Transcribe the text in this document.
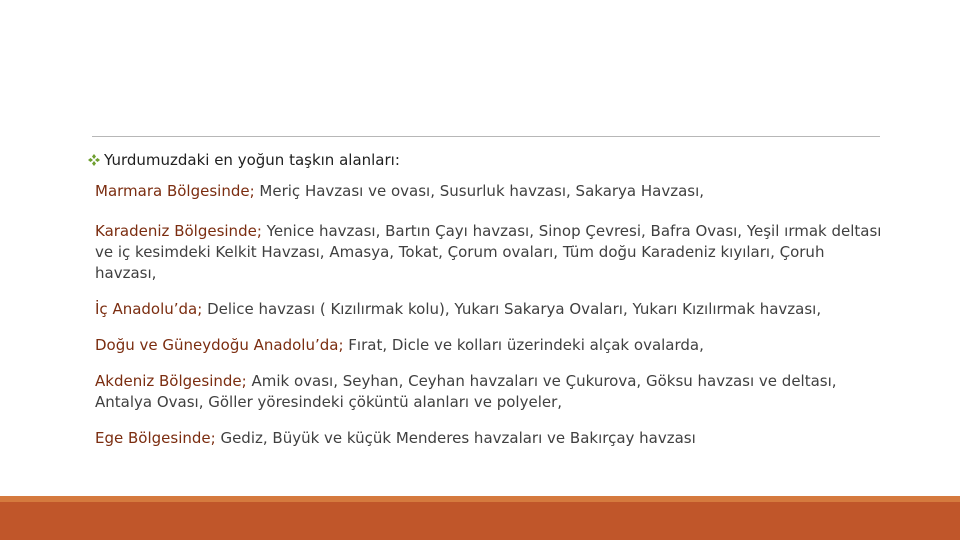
Yurdumuzdaki en yoğun taşkın alanları:
Marmara Bölgesinde; Meriç Havzası ve ovası, Susurluk havzası, Sakarya Havzası,
Karadeniz Bölgesinde; Yenice havzası, Bartın Çayı havzası, Sinop Çevresi, Bafra Ovası, Yeşil ırmak deltası ve iç kesimdeki Kelkit Havzası, Amasya, Tokat, Çorum ovaları, Tüm doğu Karadeniz kıyıları, Çoruh havzası,
İç Anadolu’da; Delice havzası ( Kızılırmak kolu), Yukarı Sakarya Ovaları, Yukarı Kızılırmak havzası,
Doğu ve Güneydoğu Anadolu’da; Fırat, Dicle ve kolları üzerindeki alçak ovalarda,
Akdeniz Bölgesinde; Amik ovası, Seyhan, Ceyhan havzaları ve Çukurova, Göksu havzası ve deltası, Antalya Ovası, Göller yöresindeki çöküntü alanları ve polyeler,
Ege Bölgesinde; Gediz, Büyük ve küçük Menderes havzaları ve Bakırçay havzası
